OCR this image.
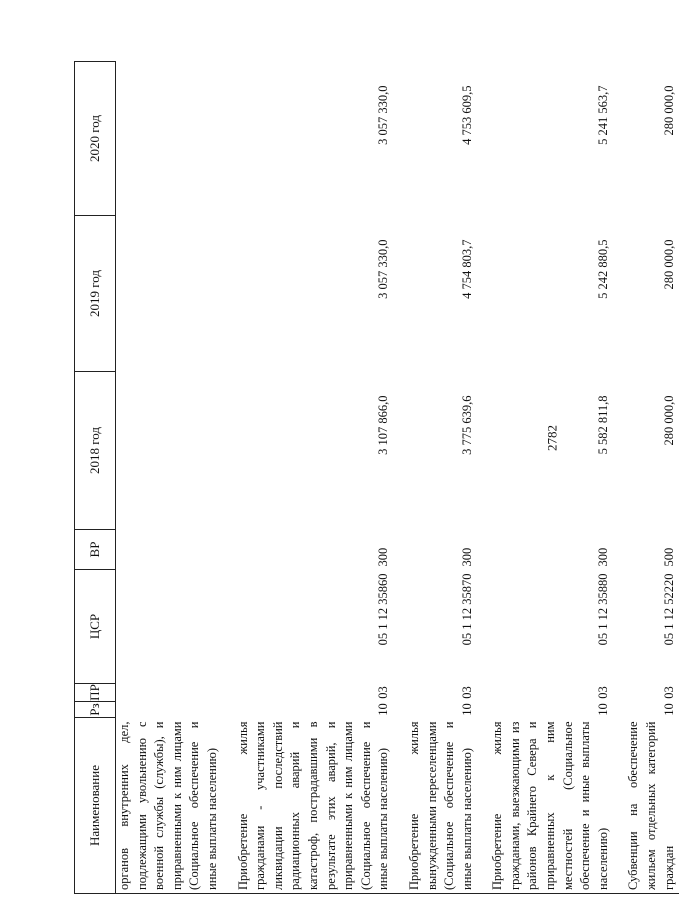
2782
Наименование	Рз	ПР	ЦСР	ВР	2018 год	2019 год	2020 год
органов внутренних дел, подлежащими увольнению с военной службы (службы), и приравненными к ним лицами (Социальное обеспечение и иные выплаты населению)							
Приобретение жилья гражданами - участниками ликвидации последствий радиационных аварий и катастроф, пострадавшими в результате этих аварий, и приравненными к ним лицами (Социальное обеспечение и иные выплаты населению)	10	03	05 1 12 35860	300	3 107 866,0	3 057 330,0	3 057 330,0
Приобретение жилья вынужденными переселенцами (Социальное обеспечение и иные выплаты населению)	10	03	05 1 12 35870	300	3 775 639,6	4 754 803,7	4 753 609,5
Приобретение жилья гражданами, выезжающими из районов Крайнего Севера и приравненных к ним местностей (Социальное обеспечение и иные выплаты населению)	10	03	05 1 12 35880	300	5 582 811,8	5 242 880,5	5 241 563,7
Субвенции на обеспечение жильем отдельных категорий граждан	10	03	05 1 12 52220	500	280 000,0	280 000,0	280 000,0
